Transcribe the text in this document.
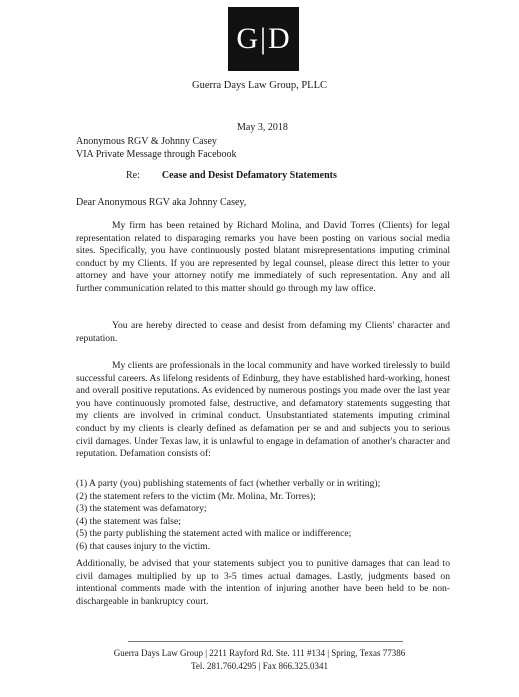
G | D
Guerra Days Law Group, PLLC
May 3, 2018
Anonymous RGV & Johnny Casey
VIA Private Message through Facebook
Re: Cease and Desist Defamatory Statements
Dear Anonymous RGV aka Johnny Casey,
My firm has been retained by Richard Molina, and David Torres (Clients) for legal representation related to disparaging remarks you have been posting on various social media sites. Specifically, you have continuously posted blatant misrepresentations imputing criminal conduct by my Clients. If you are represented by legal counsel, please direct this letter to your attorney and have your attorney notify me immediately of such representation. Any and all further communication related to this matter should go through my law office.
You are hereby directed to cease and desist from defaming my Clients' character and reputation.
My clients are professionals in the local community and have worked tirelessly to build successful careers. As lifelong residents of Edinburg, they have established hard-working, honest and overall positive reputations. As evidenced by numerous postings you made over the last year you have continuously promoted false, destructive, and defamatory statements suggesting that my clients are involved in criminal conduct. Unsubstantiated statements imputing criminal conduct by my clients is clearly defined as defamation per se and and subjects you to serious civil damages. Under Texas law, it is unlawful to engage in defamation of another's character and reputation. Defamation consists of:
(1) A party (you) publishing statements of fact (whether verbally or in writing);
(2) the statement refers to the victim (Mr. Molina, Mr. Torres);
(3) the statement was defamatory;
(4) the statement was false;
(5) the party publishing the statement acted with malice or indifference;
(6) that causes injury to the victim.
Additionally, be advised that your statements subject you to punitive damages that can lead to civil damages multiplied by up to 3-5 times actual damages. Lastly, judgments based on intentional comments made with the intention of injuring another have been held to be non-dischargeable in bankruptcy court.
Guerra Days Law Group | 2211 Rayford Rd. Ste. 111 #134 | Spring, Texas 77386
Tel. 281.760.4295 | Fax 866.325.0341
